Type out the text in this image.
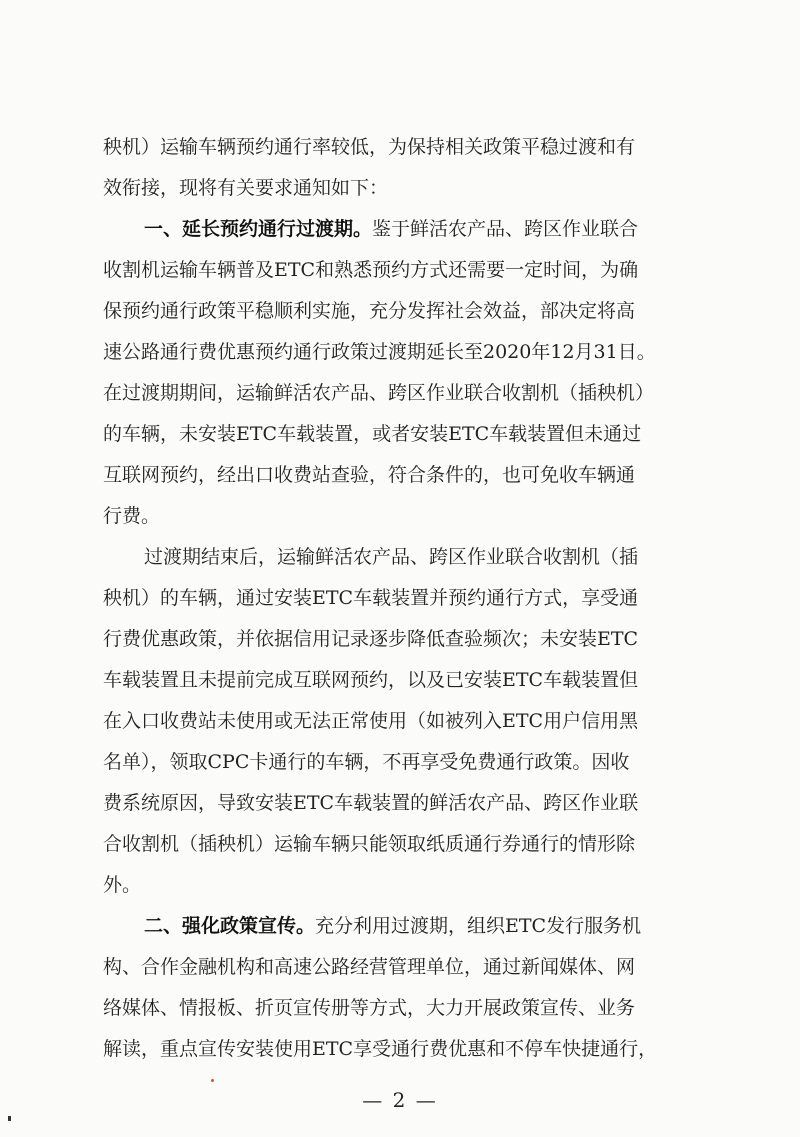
秧机）运输车辆预约通行率较低，为保持相关政策平稳过渡和有
效衔接，现将有关要求通知如下：
一、延长预约通行过渡期。鉴于鲜活农产品、跨区作业联合
收割机运输车辆普及ETC和熟悉预约方式还需要一定时间，为确
保预约通行政策平稳顺利实施，充分发挥社会效益，部决定将高
速公路通行费优惠预约通行政策过渡期延长至2020年12月31日。
在过渡期期间，运输鲜活农产品、跨区作业联合收割机（插秧机）
的车辆，未安装ETC车载装置，或者安装ETC车载装置但未通过
互联网预约，经出口收费站查验，符合条件的，也可免收车辆通
行费。
过渡期结束后，运输鲜活农产品、跨区作业联合收割机（插
秧机）的车辆，通过安装ETC车载装置并预约通行方式，享受通
行费优惠政策，并依据信用记录逐步降低查验频次；未安装ETC
车载装置且未提前完成互联网预约，以及已安装ETC车载装置但
在入口收费站未使用或无法正常使用（如被列入ETC用户信用黑
名单），领取CPC卡通行的车辆，不再享受免费通行政策。因收
费系统原因，导致安装ETC车载装置的鲜活农产品、跨区作业联
合收割机（插秧机）运输车辆只能领取纸质通行券通行的情形除
外。
二、强化政策宣传。充分利用过渡期，组织ETC发行服务机
构、合作金融机构和高速公路经营管理单位，通过新闻媒体、网
络媒体、情报板、折页宣传册等方式，大力开展政策宣传、业务
解读，重点宣传安装使用ETC享受通行费优惠和不停车快捷通行，
— 2 —
